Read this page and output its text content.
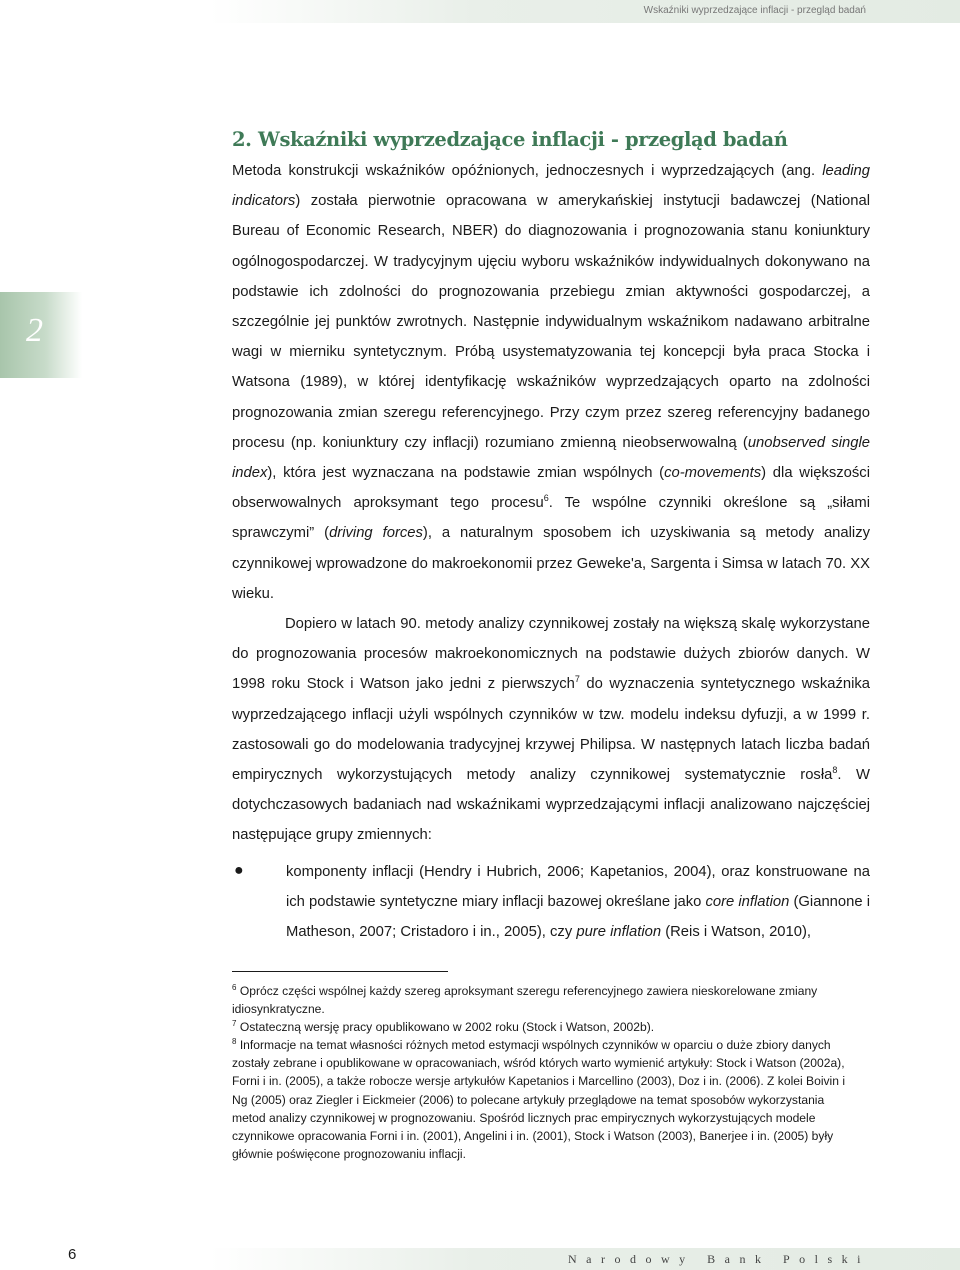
Wskaźniki wyprzedzające inflacji - przegląd badań
2
2. Wskaźniki wyprzedzające inflacji - przegląd badań

Metoda konstrukcji wskaźników opóźnionych, jednoczesnych i wyprzedzających (ang. leading indicators) została pierwotnie opracowana w amerykańskiej instytucji badawczej (National Bureau of Economic Research, NBER) do diagnozowania i prognozowania stanu koniunktury ogólnogospodarczej. W tradycyjnym ujęciu wyboru wskaźników indywidualnych dokonywano na podstawie ich zdolności do prognozowania przebiegu zmian aktywności gospodarczej, a szczególnie jej punktów zwrotnych. Następnie indywidualnym wskaźnikom nadawano arbitralne wagi w mierniku syntetycznym. Próbą usystematyzowania tej koncepcji była praca Stocka i Watsona (1989), w której identyfikację wskaźników wyprzedzających oparto na zdolności prognozowania zmian szeregu referencyjnego. Przy czym przez szereg referencyjny badanego procesu (np. koniunktury czy inflacji) rozumiano zmienną nieobserwowalną (unobserved single index), która jest wyznaczana na podstawie zmian wspólnych (co-movements) dla większości obserwowalnych aproksymant tego procesu$^6$. Te wspólne czynniki określone są „siłami sprawczymi” (driving forces), a naturalnym sposobem ich uzyskiwania są metody analizy czynnikowej wprowadzone do makroekonomii przez Geweke'a, Sargenta i Simsa w latach 70. XX wieku.

Dopiero w latach 90. metody analizy czynnikowej zostały na większą skalę wykorzystane do prognozowania procesów makroekonomicznych na podstawie dużych zbiorów danych. W 1998 roku Stock i Watson jako jedni z pierwszych$^7$ do wyznaczenia syntetycznego wskaźnika wyprzedzającego inflacji użyli wspólnych czynników w tzw. modelu indeksu dyfuzji, a w 1999 r. zastosowali go do modelowania tradycyjnej krzywej Philipsa. W następnych latach liczba badań empirycznych wykorzystujących metody analizy czynnikowej systematycznie rosła$^8$. W dotychczasowych badaniach nad wskaźnikami wyprzedzającymi inflacji analizowano najczęściej następujące grupy zmiennych:

●	komponenty inflacji (Hendry i Hubrich, 2006; Kapetanios, 2004), oraz konstruowane na ich podstawie syntetyczne miary inflacji bazowej określane jako core inflation (Giannone i Matheson, 2007; Cristadoro i in., 2005), czy pure inflation (Reis i Watson, 2010),

$^6$ Oprócz części wspólnej każdy szereg aproksymant szeregu referencyjnego zawiera nieskorelowane zmiany idiosynkratyczne.

$^7$ Ostateczną wersję pracy opublikowano w 2002 roku (Stock i Watson, 2002b).

$^8$ Informacje na temat własności różnych metod estymacji wspólnych czynników w oparciu o duże zbiory danych zostały zebrane i opublikowane w opracowaniach, wśród których warto wymienić artykuły: Stock i Watson (2002a), Forni i in. (2005), a także robocze wersje artykułów Kapetanios i Marcellino (2003), Doz i in. (2006). Z kolei Boivin i Ng (2005) oraz Ziegler i Eickmeier (2006) to polecane artykuły przeglądowe na temat sposobów wykorzystania metod analizy czynnikowej w prognozowaniu. Spośród licznych prac empirycznych wykorzystujących modele czynnikowe opracowania Forni i in. (2001), Angelini i in. (2001), Stock i Watson (2003), Banerjee i in. (2005) były głównie poświęcone prognozowaniu inflacji.

6	Narodowy Bank Polski
